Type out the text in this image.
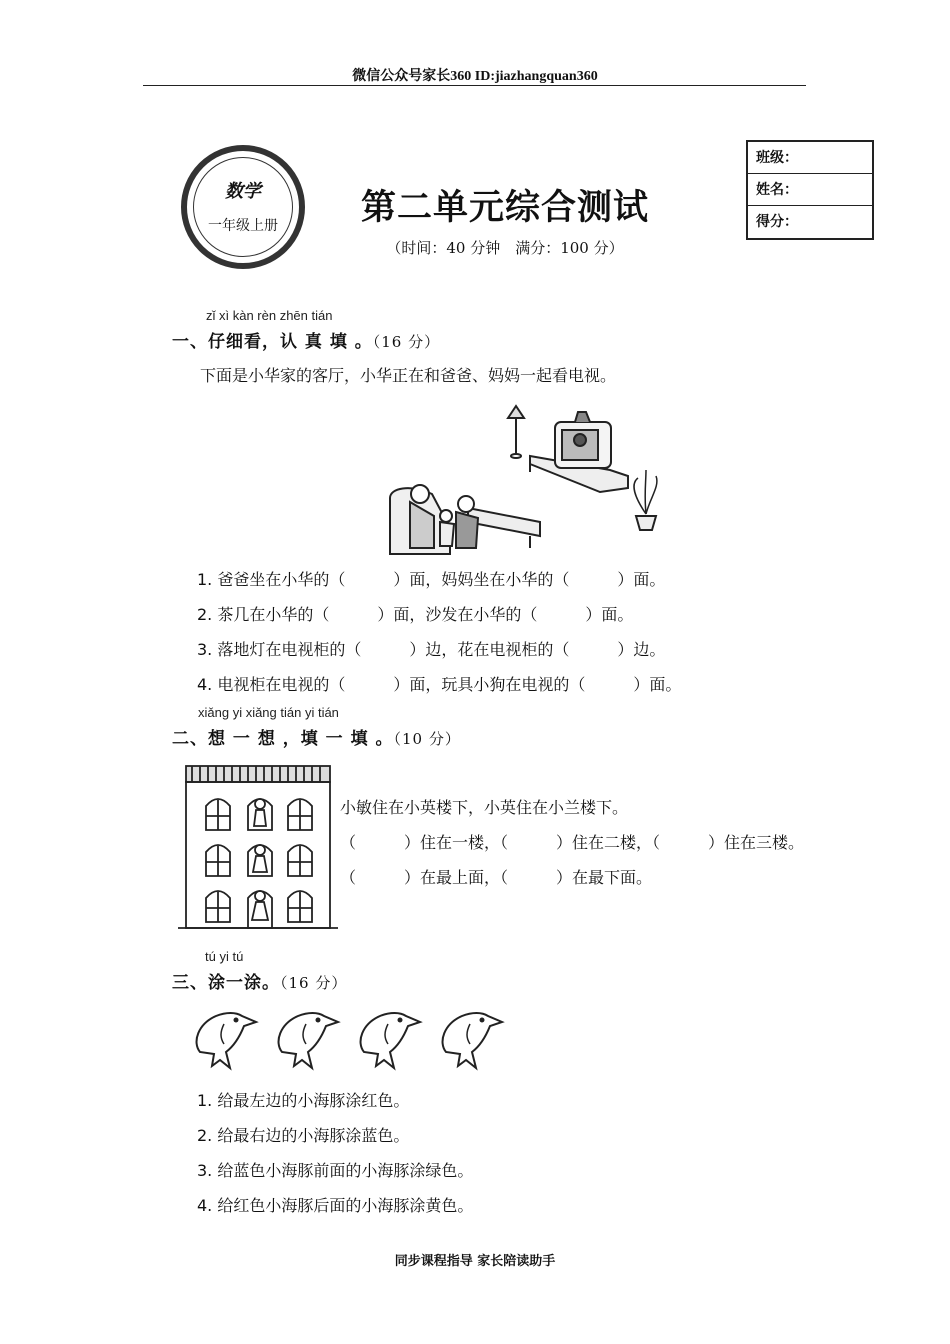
微信公众号家长360 ID:jiazhangquan360
数学
一年级上册	第二单元综合测试
（时间：40 分钟　满分：100 分）
班级：
姓名：
得分：
zǐ xì kàn rèn zhēn tián
一、仔细看，认 真 填 。（16 分）
下面是小华家的客厅，小华正在和爸爸、妈妈一起看电视。
1. 爸爸坐在小华的（　　　）面，妈妈坐在小华的（　　　）面。
2. 茶几在小华的（　　　）面，沙发在小华的（　　　）面。
3. 落地灯在电视柜的（　　　）边，花在电视柜的（　　　）边。
4. 电视柜在电视的（　　　）面，玩具小狗在电视的（　　　）面。
xiǎng yi xiǎng tián yi tián
二、想 一 想 ，填 一 填 。（10 分）
小敏住在小英楼下，小英住在小兰楼下。
（　　　）住在一楼，（　　　）住在二楼，（　　　）住在三楼。
（　　　）在最上面，（　　　）在最下面。
tú yi tú
三、涂一涂。（16 分）
1. 给最左边的小海豚涂红色。
2. 给最右边的小海豚涂蓝色。
3. 给蓝色小海豚前面的小海豚涂绿色。
4. 给红色小海豚后面的小海豚涂黄色。
同步课程指导 家长陪读助手
